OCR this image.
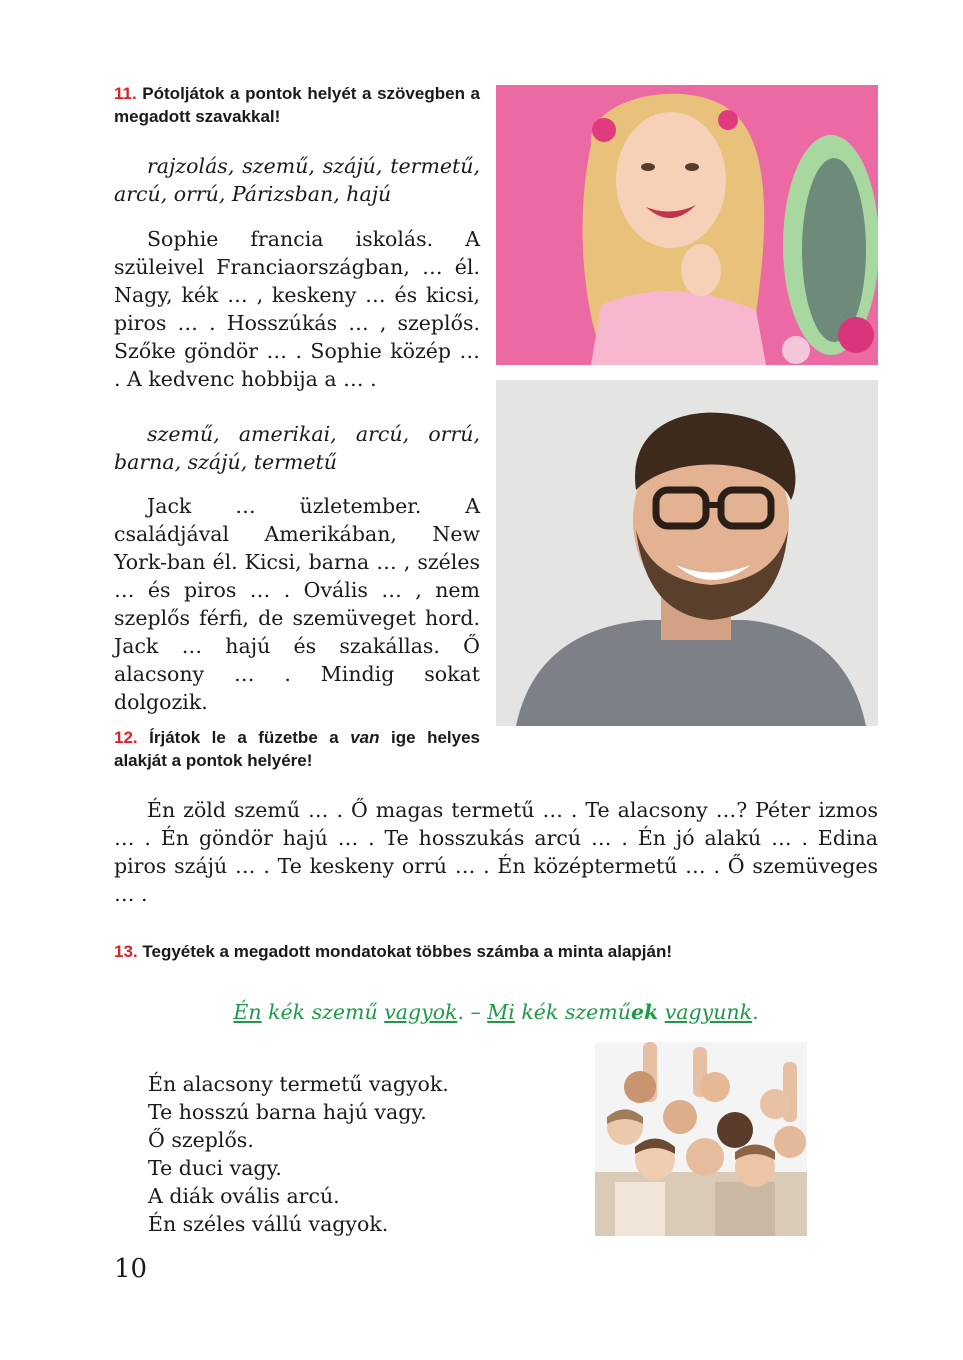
11. Pótoljátok a pontok helyét a szövegben a megadott szavakkal!
rajzolás, szemű, szájú, termetű, arcú, orrú, Párizsban, hajú
Sophie francia iskolás. A szüleivel Franciaországban, … él. Nagy, kék … , keskeny … és kicsi, piros … . Hosszúkás … , szeplős. Szőke göndör … . Sophie közép … . A kedvenc hobbija a … .
szemű, amerikai, arcú, orrú, barna, szájú, termetű
Jack … üzletember. A családjával Amerikában, New York-ban él. Kicsi, barna … , széles … és piros … . Ovális … , nem szeplős férfi, de szemüveget hord. Jack … hajú és szakállas. Ő alacsony … . Mindig sokat dolgozik.
12. Írjátok le a füzetbe a van ige helyes alakját a pontok helyére!
Én zöld szemű … . Ő magas termetű … . Te alacsony …? Péter izmos … . Én göndör hajú … . Te hosszukás arcú … . Én jó alakú … . Edina piros szájú … . Te keskeny orrú … . Én középtermetű … . Ő szemüveges … .
13. Tegyétek a megadott mondatokat többes számba a minta alapján!
Én kék szemű vagyok. – Mi kék szeműek vagyunk.
Én alacsony termetű vagyok.
Te hosszú barna hajú vagy.
Ő szeplős.
Te duci vagy.
A diák ovális arcú.
Én széles vállú vagyok.
10
